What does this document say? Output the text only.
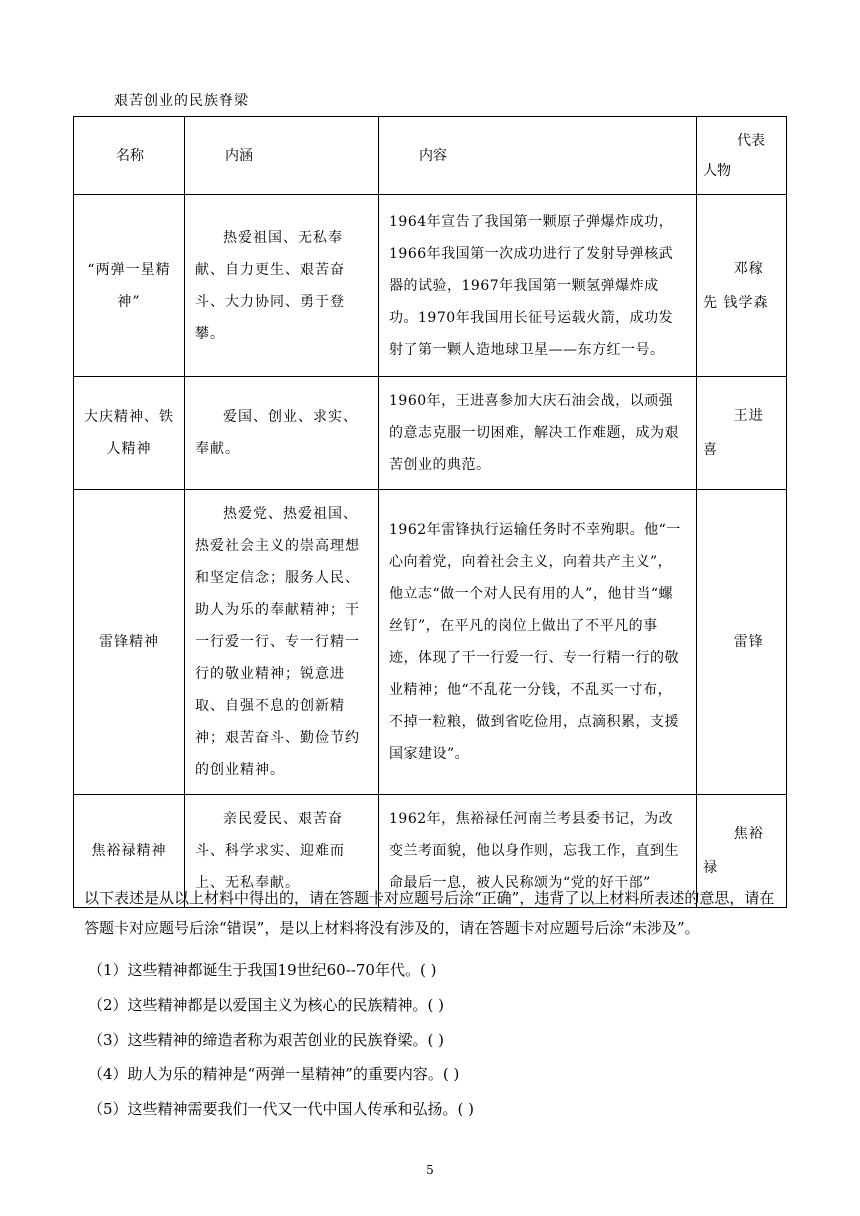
艰苦创业的民族脊梁
名称	内涵	内容	代表
人物

“两弹一星精神”	热爱祖国、无私奉献、自力更生、艰苦奋斗、大力协同、勇于登攀。	1964年宣告了我国第一颗原子弹爆炸成功，1966年我国第一次成功进行了发射导弹核武器的试验，1967年我国第一颗氢弹爆炸成功。1970年我国用长征号运载火箭，成功发射了第一颗人造地球卫星——东方红一号。	邓稼先 钱学森

大庆精神、铁人精神	爱国、创业、求实、奉献。	1960年，王进喜参加大庆石油会战，以顽强的意志克服一切困难，解决工作难题，成为艰苦创业的典范。	王进喜

雷锋精神	热爱党、热爱祖国、热爱社会主义的崇高理想和坚定信念；服务人民、助人为乐的奉献精神；干一行爱一行、专一行精一行的敬业精神；锐意进取、自强不息的创新精神；艰苦奋斗、勤俭节约的创业精神。	1962年雷锋执行运输任务时不幸殉职。他“一心向着党，向着社会主义，向着共产主义”，他立志“做一个对人民有用的人”，他甘当“螺丝钉”，在平凡的岗位上做出了不平凡的事迹，体现了干一行爱一行、专一行精一行的敬业精神；他“不乱花一分钱，不乱买一寸布，不掉一粒粮，做到省吃俭用，点滴积累，支援国家建设”。	雷锋

焦裕禄精神	亲民爱民、艰苦奋斗、科学求实、迎难而上、无私奉献。	1962年，焦裕禄任河南兰考县委书记，为改变兰考面貌，他以身作则，忘我工作，直到生命最后一息，被人民称颂为“党的好干部”	焦裕禄
以下表述是从以上材料中得出的，请在答题卡对应题号后涂“正确”，违背了以上材料所表述的意思，请在答题卡对应题号后涂“错误”，是以上材料将没有涉及的，请在答题卡对应题号后涂“未涉及”。
（1）这些精神都诞生于我国19世纪60--70年代。( )
（2）这些精神都是以爱国主义为核心的民族精神。( )
（3）这些精神的缔造者称为艰苦创业的民族脊梁。( )
（4）助人为乐的精神是“两弹一星精神”的重要内容。( )
（5）这些精神需要我们一代又一代中国人传承和弘扬。( )
5
